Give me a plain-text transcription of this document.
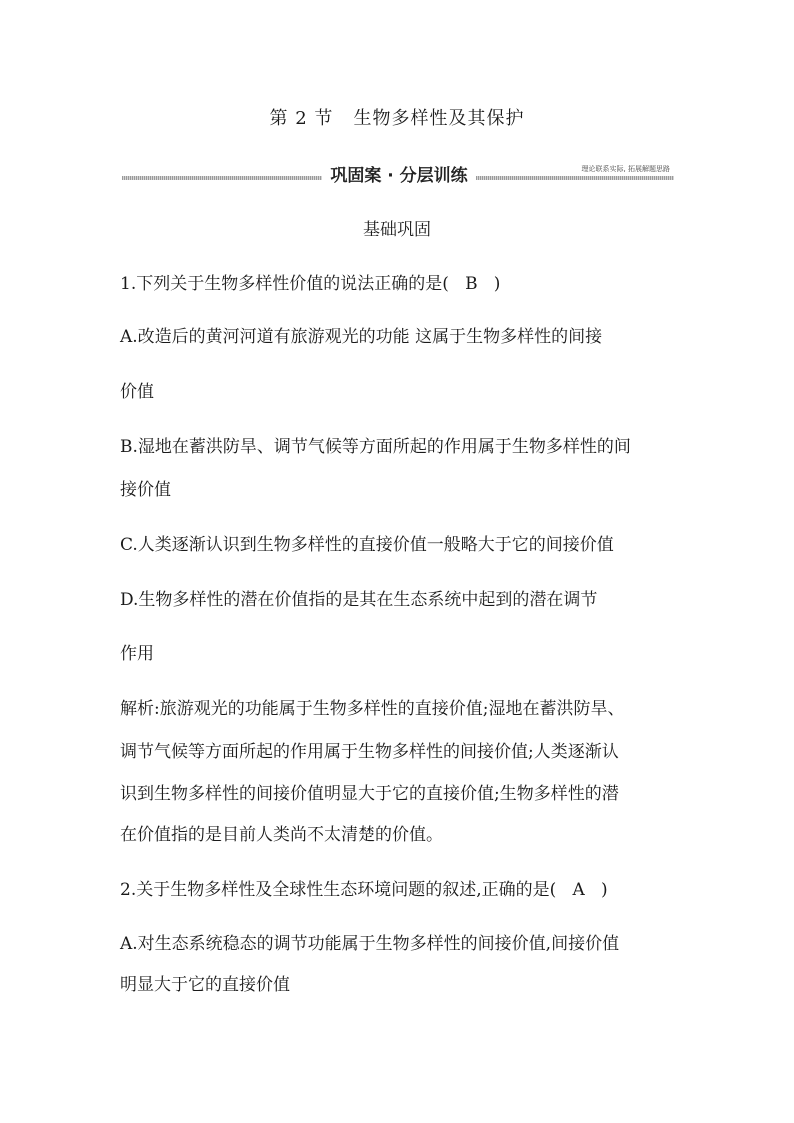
第 2 节   生物多样性及其保护
巩固案 · 分层训练	理论联系实际, 拓展解题思路
基础巩固
1.下列关于生物多样性价值的说法正确的是(   B   )
A.改造后的黄河河道有旅游观光的功能 这属于生物多样性的间接
价值
B.湿地在蓄洪防旱、调节气候等方面所起的作用属于生物多样性的间
接价值
C.人类逐渐认识到生物多样性的直接价值一般略大于它的间接价值
D.生物多样性的潜在价值指的是其在生态系统中起到的潜在调节
作用
解析:旅游观光的功能属于生物多样性的直接价值;湿地在蓄洪防旱、
调节气候等方面所起的作用属于生物多样性的间接价值;人类逐渐认
识到生物多样性的间接价值明显大于它的直接价值;生物多样性的潜
在价值指的是目前人类尚不太清楚的价值。
2.关于生物多样性及全球性生态环境问题的叙述,正确的是(   A   )
A.对生态系统稳态的调节功能属于生物多样性的间接价值,间接价值
明显大于它的直接价值
